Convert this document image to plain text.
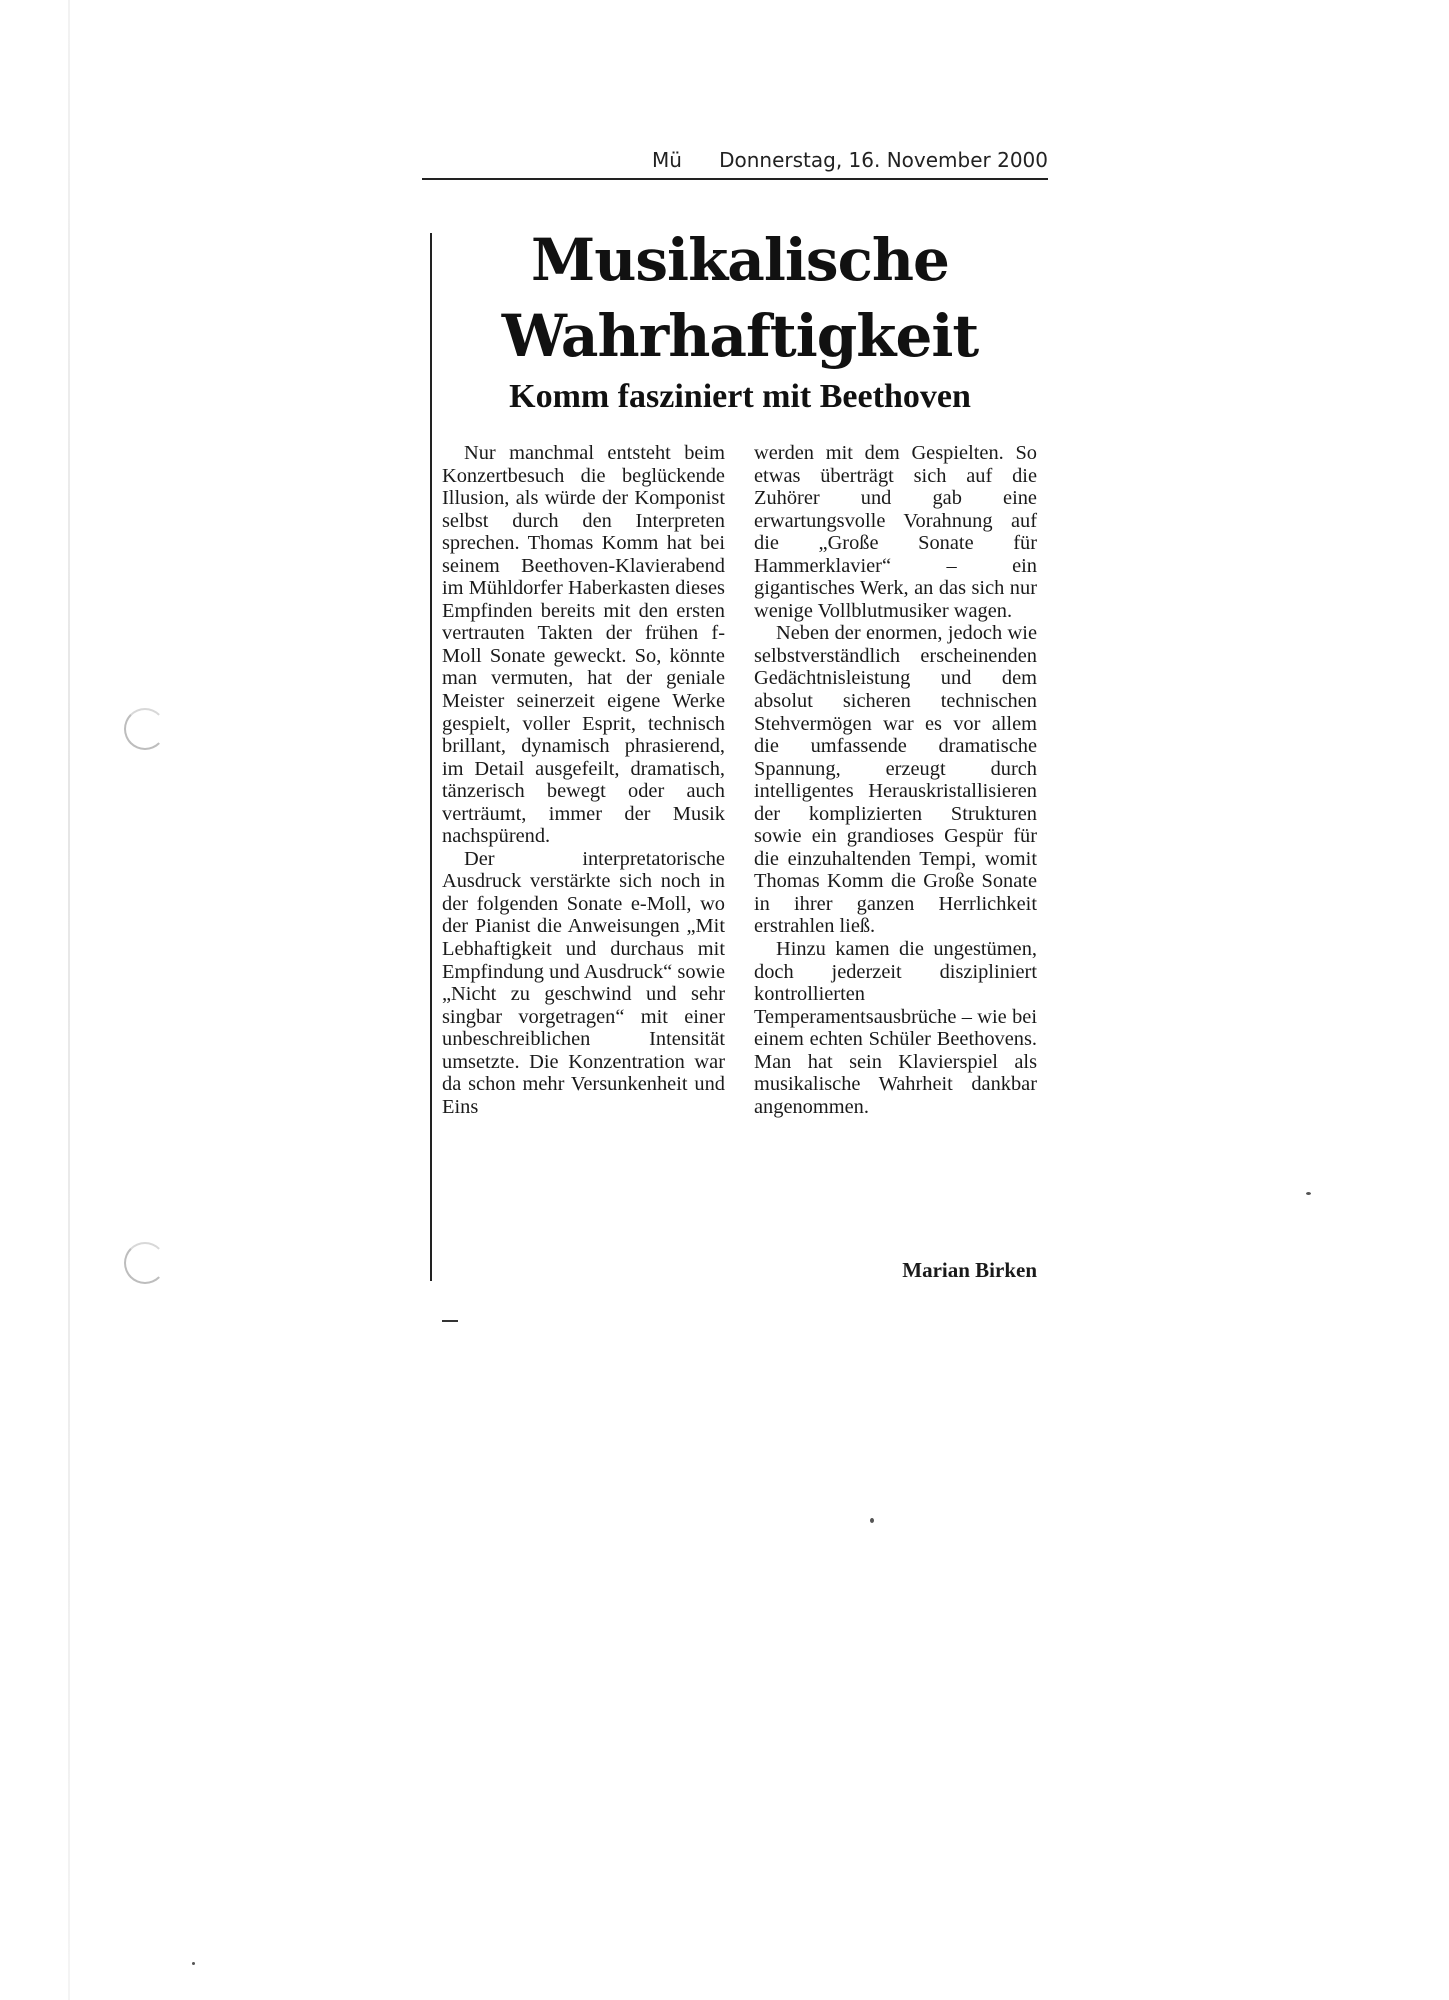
Mü Donnerstag, 16. November 2000
Musikalische
Wahrhaftigkeit
Komm fasziniert mit Beethoven

Nur manchmal entsteht beim Konzertbesuch die beglückende Illusion, als würde der Komponist selbst durch den Interpreten sprechen. Thomas Komm hat bei seinem Beethoven-Klavierabend im Mühldorfer Haberkasten dieses Empfinden bereits mit den ersten vertrauten Takten der frühen f-Moll Sonate geweckt. So, könnte man vermuten, hat der geniale Meister seinerzeit eigene Werke gespielt, voller Esprit, technisch brillant, dynamisch phrasierend, im Detail ausgefeilt, dramatisch, tänzerisch bewegt oder auch verträumt, immer der Musik nachspürend.

Der interpretatorische Ausdruck verstärkte sich noch in der folgenden Sonate e-Moll, wo der Pianist die Anweisungen „Mit Lebhaftigkeit und durchaus mit Empfindung und Ausdruck“ sowie „Nicht zu geschwind und sehr singbar vorgetragen“ mit einer unbeschreiblichen Intensität umsetzte. Die Konzentration war da schon mehr Versunkenheit und Eins

werden mit dem Gespielten. So etwas überträgt sich auf die Zuhörer und gab eine erwartungsvolle Vorahnung auf die „Große Sonate für Hammerklavier“ – ein gigantisches Werk, an das sich nur wenige Vollblutmusiker wagen.

Neben der enormen, jedoch wie selbstverständlich erscheinenden Gedächtnisleistung und dem absolut sicheren technischen Stehvermögen war es vor allem die umfassende dramatische Spannung, erzeugt durch intelligentes Herauskristallisieren der komplizierten Strukturen sowie ein grandioses Gespür für die einzuhaltenden Tempi, womit Thomas Komm die Große Sonate in ihrer ganzen Herrlichkeit erstrahlen ließ.

Hinzu kamen die ungestümen, doch jederzeit diszipliniert kontrollierten Temperamentsausbrüche – wie bei einem echten Schüler Beethovens. Man hat sein Klavierspiel als musikalische Wahrheit dankbar angenommen.

Marian Birken
